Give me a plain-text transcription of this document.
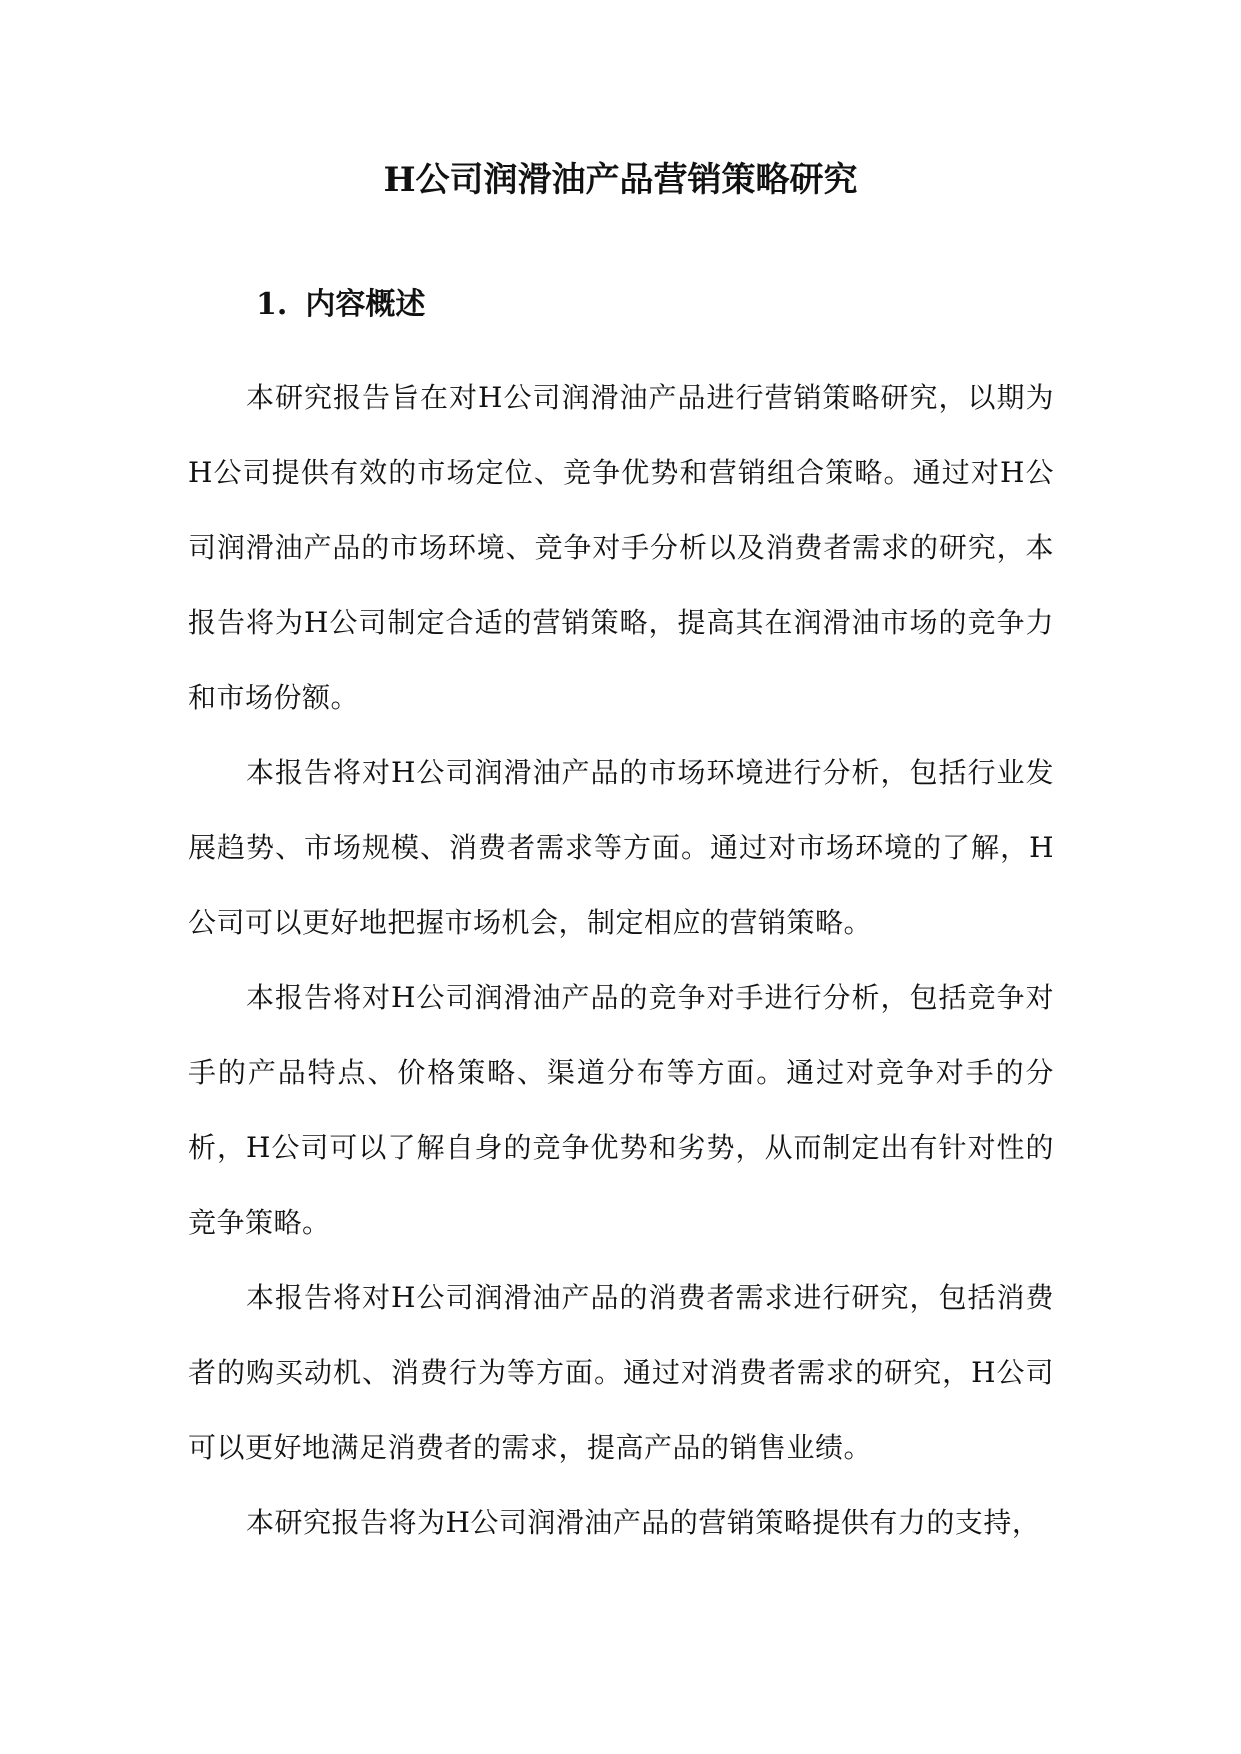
H公司润滑油产品营销策略研究
1. 内容概述

本研究报告旨在对H公司润滑油产品进行营销策略研究，以期为H公司提供有效的市场定位、竞争优势和营销组合策略。通过对H公司润滑油产品的市场环境、竞争对手分析以及消费者需求的研究，本报告将为H公司制定合适的营销策略，提高其在润滑油市场的竞争力和市场份额。

本报告将对H公司润滑油产品的市场环境进行分析，包括行业发展趋势、市场规模、消费者需求等方面。通过对市场环境的了解，H公司可以更好地把握市场机会，制定相应的营销策略。

本报告将对H公司润滑油产品的竞争对手进行分析，包括竞争对手的产品特点、价格策略、渠道分布等方面。通过对竞争对手的分析，H公司可以了解自身的竞争优势和劣势，从而制定出有针对性的竞争策略。

本报告将对H公司润滑油产品的消费者需求进行研究，包括消费者的购买动机、消费行为等方面。通过对消费者需求的研究，H公司可以更好地满足消费者的需求，提高产品的销售业绩。

本研究报告将为H公司润滑油产品的营销策略提供有力的支持，
